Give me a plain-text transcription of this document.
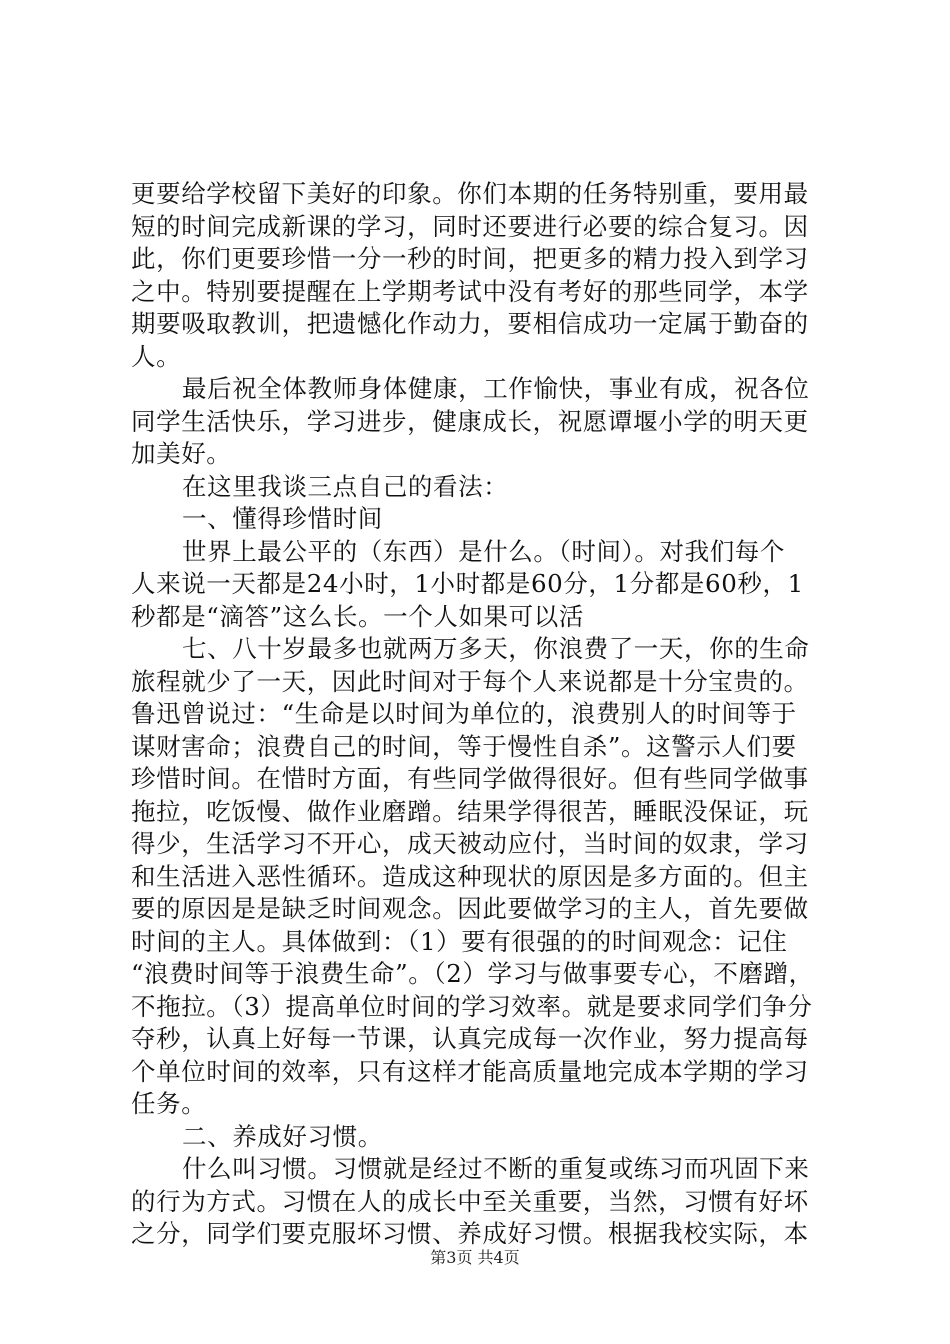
更要给学校留下美好的印象。你们本期的任务特别重，要用最
短的时间完成新课的学习，同时还要进行必要的综合复习。因
此，你们更要珍惜一分一秒的时间，把更多的精力投入到学习
之中。特别要提醒在上学期考试中没有考好的那些同学，本学
期要吸取教训，把遗憾化作动力，要相信成功一定属于勤奋的
人。
最后祝全体教师身体健康，工作愉快，事业有成，祝各位
同学生活快乐，学习进步，健康成长，祝愿谭堰小学的明天更
加美好。
在这里我谈三点自己的看法：
一、懂得珍惜时间
世界上最公平的（东西）是什么。（时间）。对我们每个
人来说一天都是24小时，1小时都是60分，1分都是60秒，1
秒都是“滴答”这么长。一个人如果可以活
七、八十岁最多也就两万多天，你浪费了一天，你的生命
旅程就少了一天，因此时间对于每个人来说都是十分宝贵的。
鲁迅曾说过：“生命是以时间为单位的，浪费别人的时间等于
谋财害命；浪费自己的时间，等于慢性自杀”。这警示人们要
珍惜时间。在惜时方面，有些同学做得很好。但有些同学做事
拖拉，吃饭慢、做作业磨蹭。结果学得很苦，睡眠没保证，玩
得少，生活学习不开心，成天被动应付，当时间的奴隶，学习
和生活进入恶性循环。造成这种现状的原因是多方面的。但主
要的原因是是缺乏时间观念。因此要做学习的主人，首先要做
时间的主人。具体做到：（1）要有很强的的时间观念：记住
“浪费时间等于浪费生命”。（2）学习与做事要专心，不磨蹭，
不拖拉。（3）提高单位时间的学习效率。就是要求同学们争分
夺秒，认真上好每一节课，认真完成每一次作业，努力提高每
个单位时间的效率，只有这样才能高质量地完成本学期的学习
任务。
二、养成好习惯。
什么叫习惯。习惯就是经过不断的重复或练习而巩固下来
的行为方式。习惯在人的成长中至关重要，当然，习惯有好坏
之分，同学们要克服坏习惯、养成好习惯。根据我校实际，本
第3页 共4页
